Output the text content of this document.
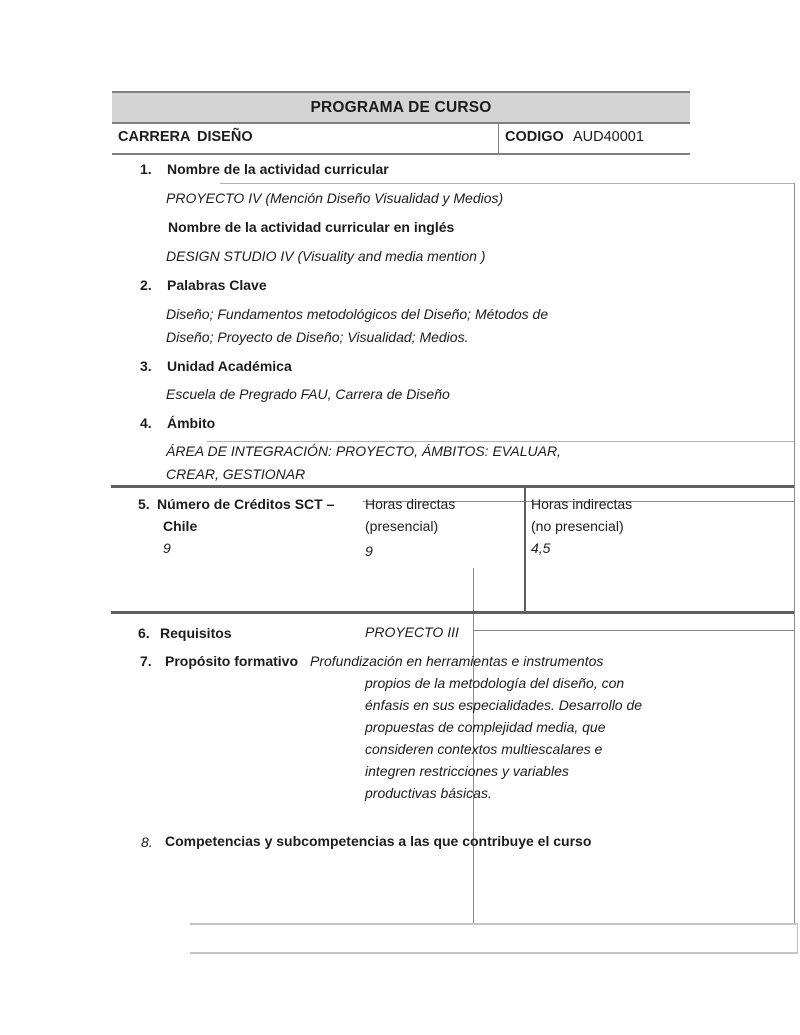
PROGRAMA DE CURSO
CARRERA DISEÑO	CODIGO AUD40001
1. Nombre de la actividad curricular
PROYECTO IV (Mención Diseño Visualidad y Medios)
Nombre de la actividad curricular en inglés
DESIGN STUDIO IV (Visuality and media mention )
2. Palabras Clave
Diseño; Fundamentos metodológicos del Diseño; Métodos de
Diseño; Proyecto de Diseño; Visualidad; Medios.
3. Unidad Académica
Escuela de Pregrado FAU, Carrera de Diseño
4. Ámbito
ÁREA DE INTEGRACIÓN: PROYECTO, ÁMBITOS: EVALUAR,
CREAR, GESTIONAR
5. Número de Créditos SCT –
Chile
9
Horas directas
(presencial)
9
Horas indirectas
(no presencial)
4,5
6. Requisitos	PROYECTO III
7. Propósito formativo Profundización en herramientas e instrumentos
propios de la metodología del diseño, con
énfasis en sus especialidades. Desarrollo de
propuestas de complejidad media, que
consideren contextos multiescalares e
integren restricciones y variables
productivas básicas.
8. Competencias y subcompetencias a las que contribuye el curso
